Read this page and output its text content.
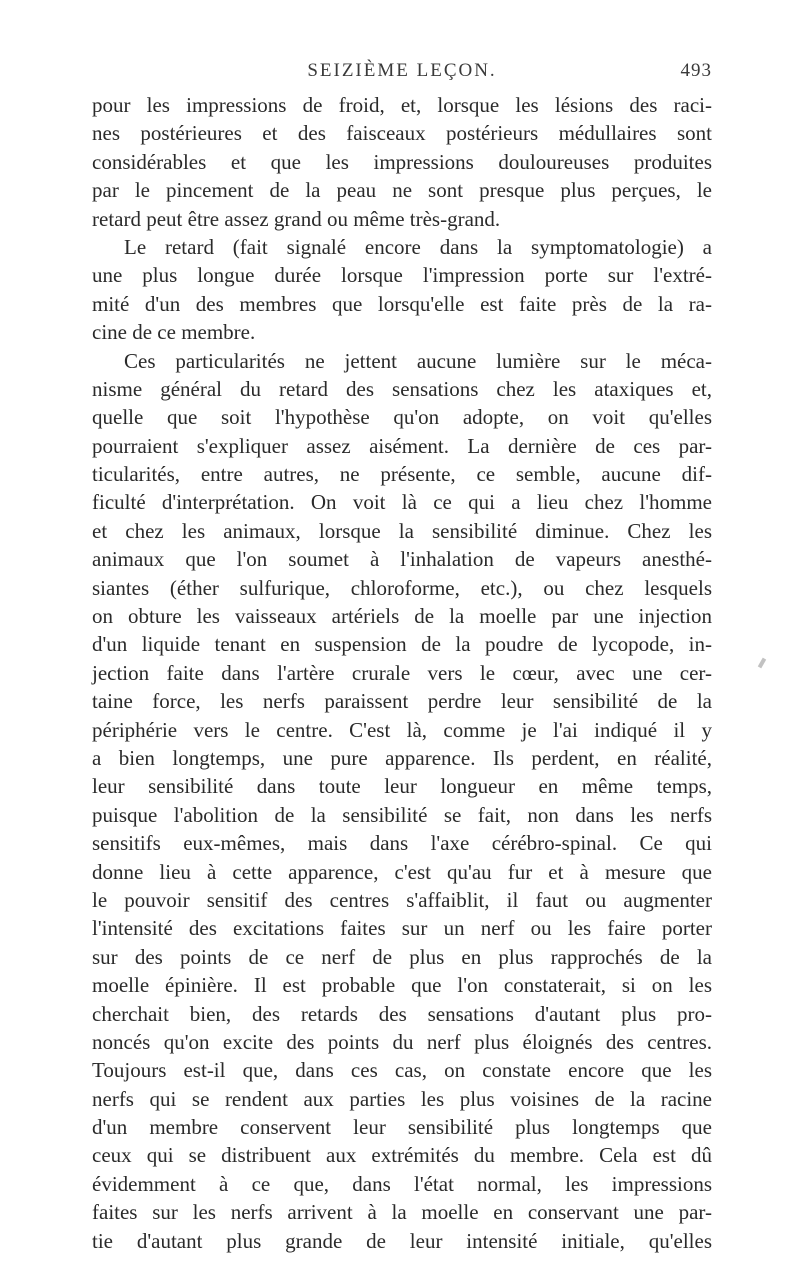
SEIZIÈME LEÇON.	493
pour les impressions de froid, et, lorsque les lésions des raci-
nes postérieures et des faisceaux postérieurs médullaires sont
considérables et que les impressions douloureuses produites
par le pincement de la peau ne sont presque plus perçues, le
retard peut être assez grand ou même très-grand.
Le retard (fait signalé encore dans la symptomatologie) a
une plus longue durée lorsque l'impression porte sur l'extré-
mité d'un des membres que lorsqu'elle est faite près de la ra-
cine de ce membre.
Ces particularités ne jettent aucune lumière sur le méca-
nisme général du retard des sensations chez les ataxiques et,
quelle que soit l'hypothèse qu'on adopte, on voit qu'elles
pourraient s'expliquer assez aisément. La dernière de ces par-
ticularités, entre autres, ne présente, ce semble, aucune dif-
ficulté d'interprétation. On voit là ce qui a lieu chez l'homme
et chez les animaux, lorsque la sensibilité diminue. Chez les
animaux que l'on soumet à l'inhalation de vapeurs anesthé-
siantes (éther sulfurique, chloroforme, etc.), ou chez lesquels
on obture les vaisseaux artériels de la moelle par une injection
d'un liquide tenant en suspension de la poudre de lycopode, in-
jection faite dans l'artère crurale vers le cœur, avec une cer-
taine force, les nerfs paraissent perdre leur sensibilité de la
périphérie vers le centre. C'est là, comme je l'ai indiqué il y
a bien longtemps, une pure apparence. Ils perdent, en réalité,
leur sensibilité dans toute leur longueur en même temps,
puisque l'abolition de la sensibilité se fait, non dans les nerfs
sensitifs eux-mêmes, mais dans l'axe cérébro-spinal. Ce qui
donne lieu à cette apparence, c'est qu'au fur et à mesure que
le pouvoir sensitif des centres s'affaiblit, il faut ou augmenter
l'intensité des excitations faites sur un nerf ou les faire porter
sur des points de ce nerf de plus en plus rapprochés de la
moelle épinière. Il est probable que l'on constaterait, si on les
cherchait bien, des retards des sensations d'autant plus pro-
noncés qu'on excite des points du nerf plus éloignés des centres.
Toujours est-il que, dans ces cas, on constate encore que les
nerfs qui se rendent aux parties les plus voisines de la racine
d'un membre conservent leur sensibilité plus longtemps que
ceux qui se distribuent aux extrémités du membre. Cela est dû
évidemment à ce que, dans l'état normal, les impressions
faites sur les nerfs arrivent à la moelle en conservant une par-
tie d'autant plus grande de leur intensité initiale, qu'elles
